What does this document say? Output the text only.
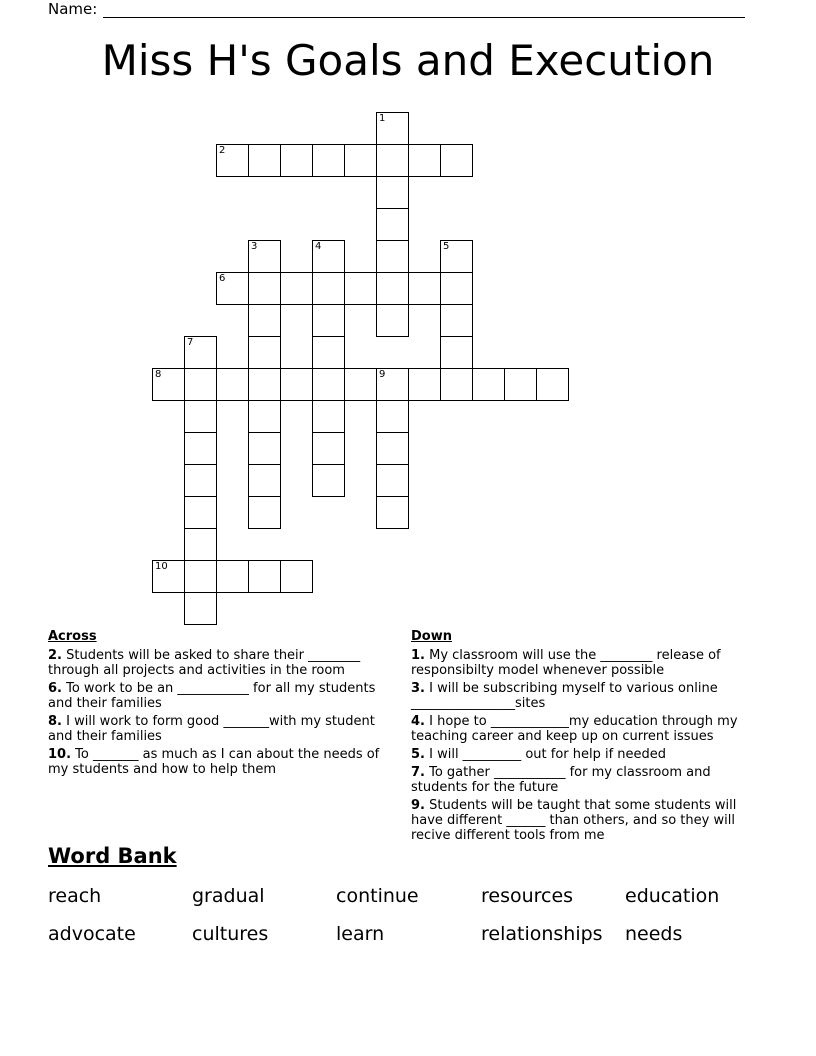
Name:
Miss H's Goals and Execution
1
2
3	4	5
6
7
8	9
10
Across

2. Students will be asked to share their ________ through all projects and activities in the room

6. To work to be an ___________ for all my students and their families

8. I will work to form good _______with my student and their families

10. To _______ as much as I can about the needs of my students and how to help them

Down

1. My classroom will use the ________ release of responsibilty model whenever possible

3. I will be subscribing myself to various online ________________sites

4. I hope to ____________my education through my teaching career and keep up on current issues

5. I will _________ out for help if needed

7. To gather ___________ for my classroom and students for the future

9. Students will be taught that some students will have different ______ than others, and so they will recive different tools from me

Word Bank
reach	gradual	continue	resources	education
advocate	cultures	learn	relationships	needs
